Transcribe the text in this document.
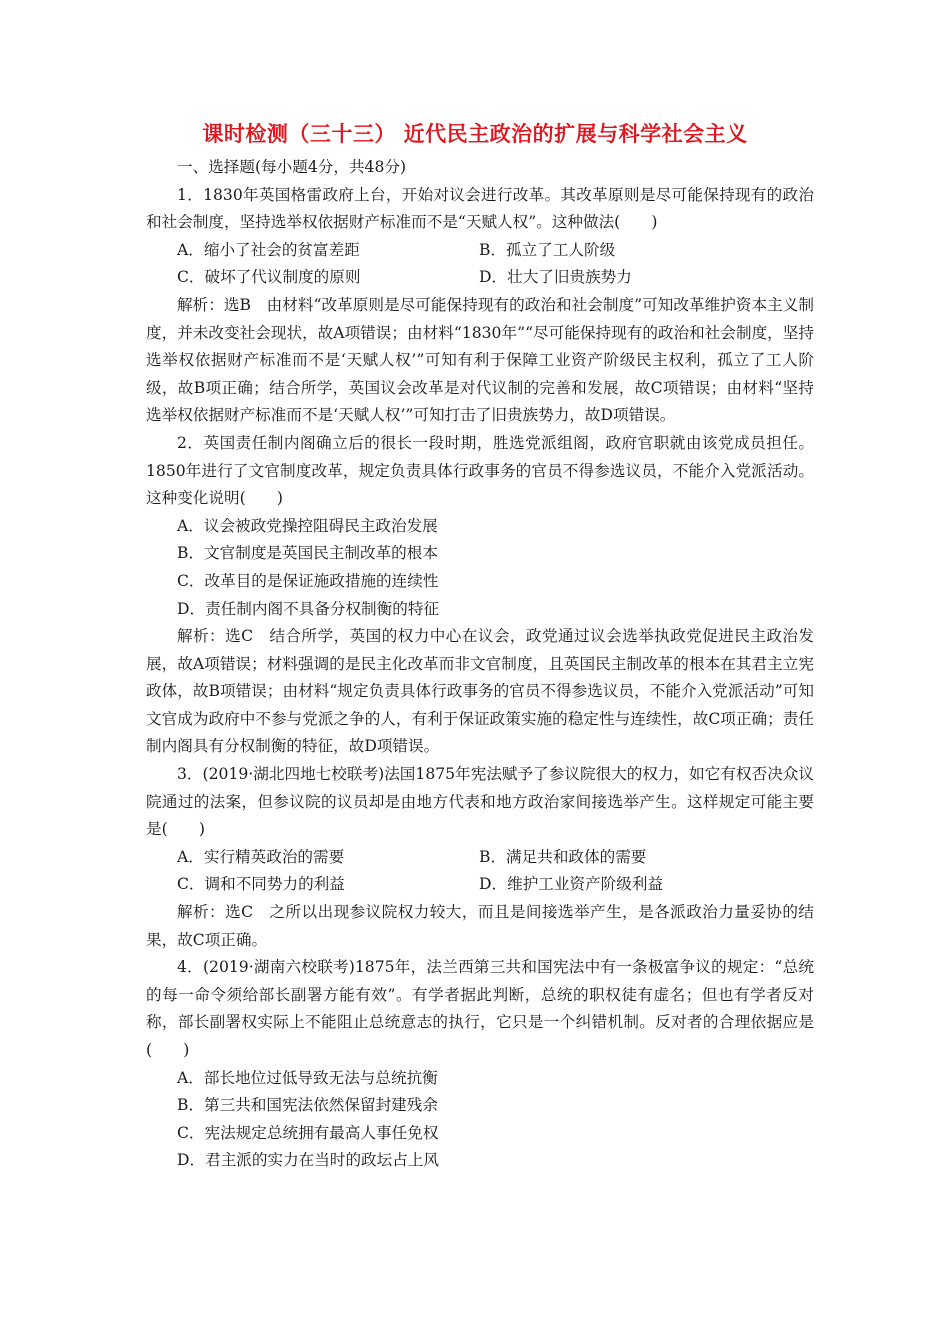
课时检测（三十三） 近代民主政治的扩展与科学社会主义

一、选择题(每小题4分，共48分)

1．1830年英国格雷政府上台，开始对议会进行改革。其改革原则是尽可能保持现有的政治和社会制度，坚持选举权依据财产标准而不是“天赋人权”。这种做法(　　)

A．缩小了社会的贫富差距	B．孤立了工人阶级
C．破坏了代议制度的原则	D．壮大了旧贵族势力

解析：选B　由材料“改革原则是尽可能保持现有的政治和社会制度”可知改革维护资本主义制度，并未改变社会现状，故A项错误；由材料“1830年”“尽可能保持现有的政治和社会制度，坚持选举权依据财产标准而不是‘天赋人权’”可知有利于保障工业资产阶级民主权利，孤立了工人阶级，故B项正确；结合所学，英国议会改革是对代议制的完善和发展，故C项错误；由材料“坚持选举权依据财产标准而不是‘天赋人权’”可知打击了旧贵族势力，故D项错误。

2．英国责任制内阁确立后的很长一段时期，胜选党派组阁，政府官职就由该党成员担任。1850年进行了文官制度改革，规定负责具体行政事务的官员不得参选议员，不能介入党派活动。这种变化说明(　　)

A．议会被政党操控阻碍民主政治发展

B．文官制度是英国民主制改革的根本

C．改革目的是保证施政措施的连续性

D．责任制内阁不具备分权制衡的特征

解析：选C　结合所学，英国的权力中心在议会，政党通过议会选举执政党促进民主政治发展，故A项错误；材料强调的是民主化改革而非文官制度，且英国民主制改革的根本在其君主立宪政体，故B项错误；由材料“规定负责具体行政事务的官员不得参选议员，不能介入党派活动”可知文官成为政府中不参与党派之争的人，有利于保证政策实施的稳定性与连续性，故C项正确；责任制内阁具有分权制衡的特征，故D项错误。

3．(2019·湖北四地七校联考)法国1875年宪法赋予了参议院很大的权力，如它有权否决众议院通过的法案，但参议院的议员却是由地方代表和地方政治家间接选举产生。这样规定可能主要是(　　)

A．实行精英政治的需要	B．满足共和政体的需要
C．调和不同势力的利益	D．维护工业资产阶级利益

解析：选C　之所以出现参议院权力较大，而且是间接选举产生，是各派政治力量妥协的结果，故C项正确。

4．(2019·湖南六校联考)1875年，法兰西第三共和国宪法中有一条极富争议的规定：“总统的每一命令须给部长副署方能有效”。有学者据此判断，总统的职权徒有虚名；但也有学者反对称，部长副署权实际上不能阻止总统意志的执行，它只是一个纠错机制。反对者的合理依据应是(　　)

A．部长地位过低导致无法与总统抗衡

B．第三共和国宪法依然保留封建残余

C．宪法规定总统拥有最高人事任免权

D．君主派的实力在当时的政坛占上风
